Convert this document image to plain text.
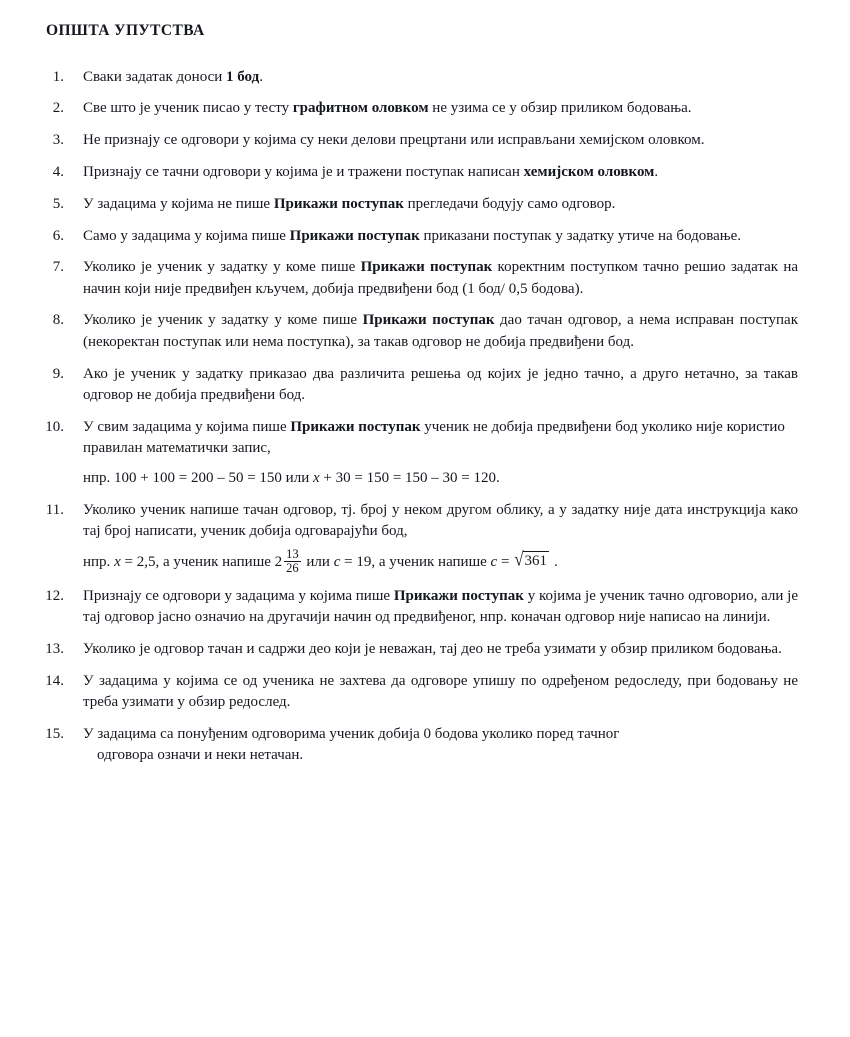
ОПШТА УПУТСТВА
1.	Сваки задатак доноси 1 бод.
2.	Све што је ученик писао у тесту графитном оловком не узима се у обзир приликом бодовања.
3.	Не признају се одговори у којима су неки делови прецртани или исправљани хемијском оловком.
4.	Признају се тачни одговори у којима је и тражени поступак написан хемијском оловком.
5.	У задацима у којима не пише Прикажи поступак прегледачи бодују само одговор.
6.	Само у задацима у којима пише Прикажи поступак приказани поступак у задатку утиче на бодовање.
7.	Уколико је ученик у задатку у коме пише Прикажи поступак коректним поступком тачно решио задатак на начин који није предвиђен кључем, добија предвиђени бод (1 бод/ 0,5 бодова).
8.	Уколико је ученик у задатку у коме пише Прикажи поступак дао тачан одговор, а нема исправан поступак (некоректан поступак или нема поступка), за такав одговор не добија предвиђени бод.
9.	Ако је ученик у задатку приказао два различита решења од којих је једно тачно, а друго нетачно, за такав одговор не добија предвиђени бод.
10.	У свим задацима у којима пише Прикажи поступак ученик не добија предвиђени бод уколико није користио правилан математички запис,
нпр. 100 + 100 = 200 – 50 = 150 или x + 30 = 150 = 150 – 30 = 120.
11.	Уколико ученик напише тачан одговор, тј. број у неком другом облику, а у задатку није дата инструкција како тај број написати, ученик добија одговарајући бод,
нпр. x = 2,5, а ученик напише $2 \frac{13}{26}$ или c = 19, а ученик напише c = √ 361 .
12.	Признају се одговори у задацима у којима пише Прикажи поступак у којима је ученик тачно одговорио, али је тај одговор јасно означио на другачији начин од предвиђеног, нпр. коначан одговор није написао на линији.
13.	Уколико је одговор тачан и садржи део који је неважан, тај део не треба узимати у обзир приликом бодовања.
14.	У задацима у којима се од ученика не захтева да одговоре упишу по одређеном редоследу, при бодовању не треба узимати у обзир редослед.
15.	У задацима са понуђеним одговорима ученик добија 0 бодова уколико поред тачног
одговора означи и неки нетачан.
